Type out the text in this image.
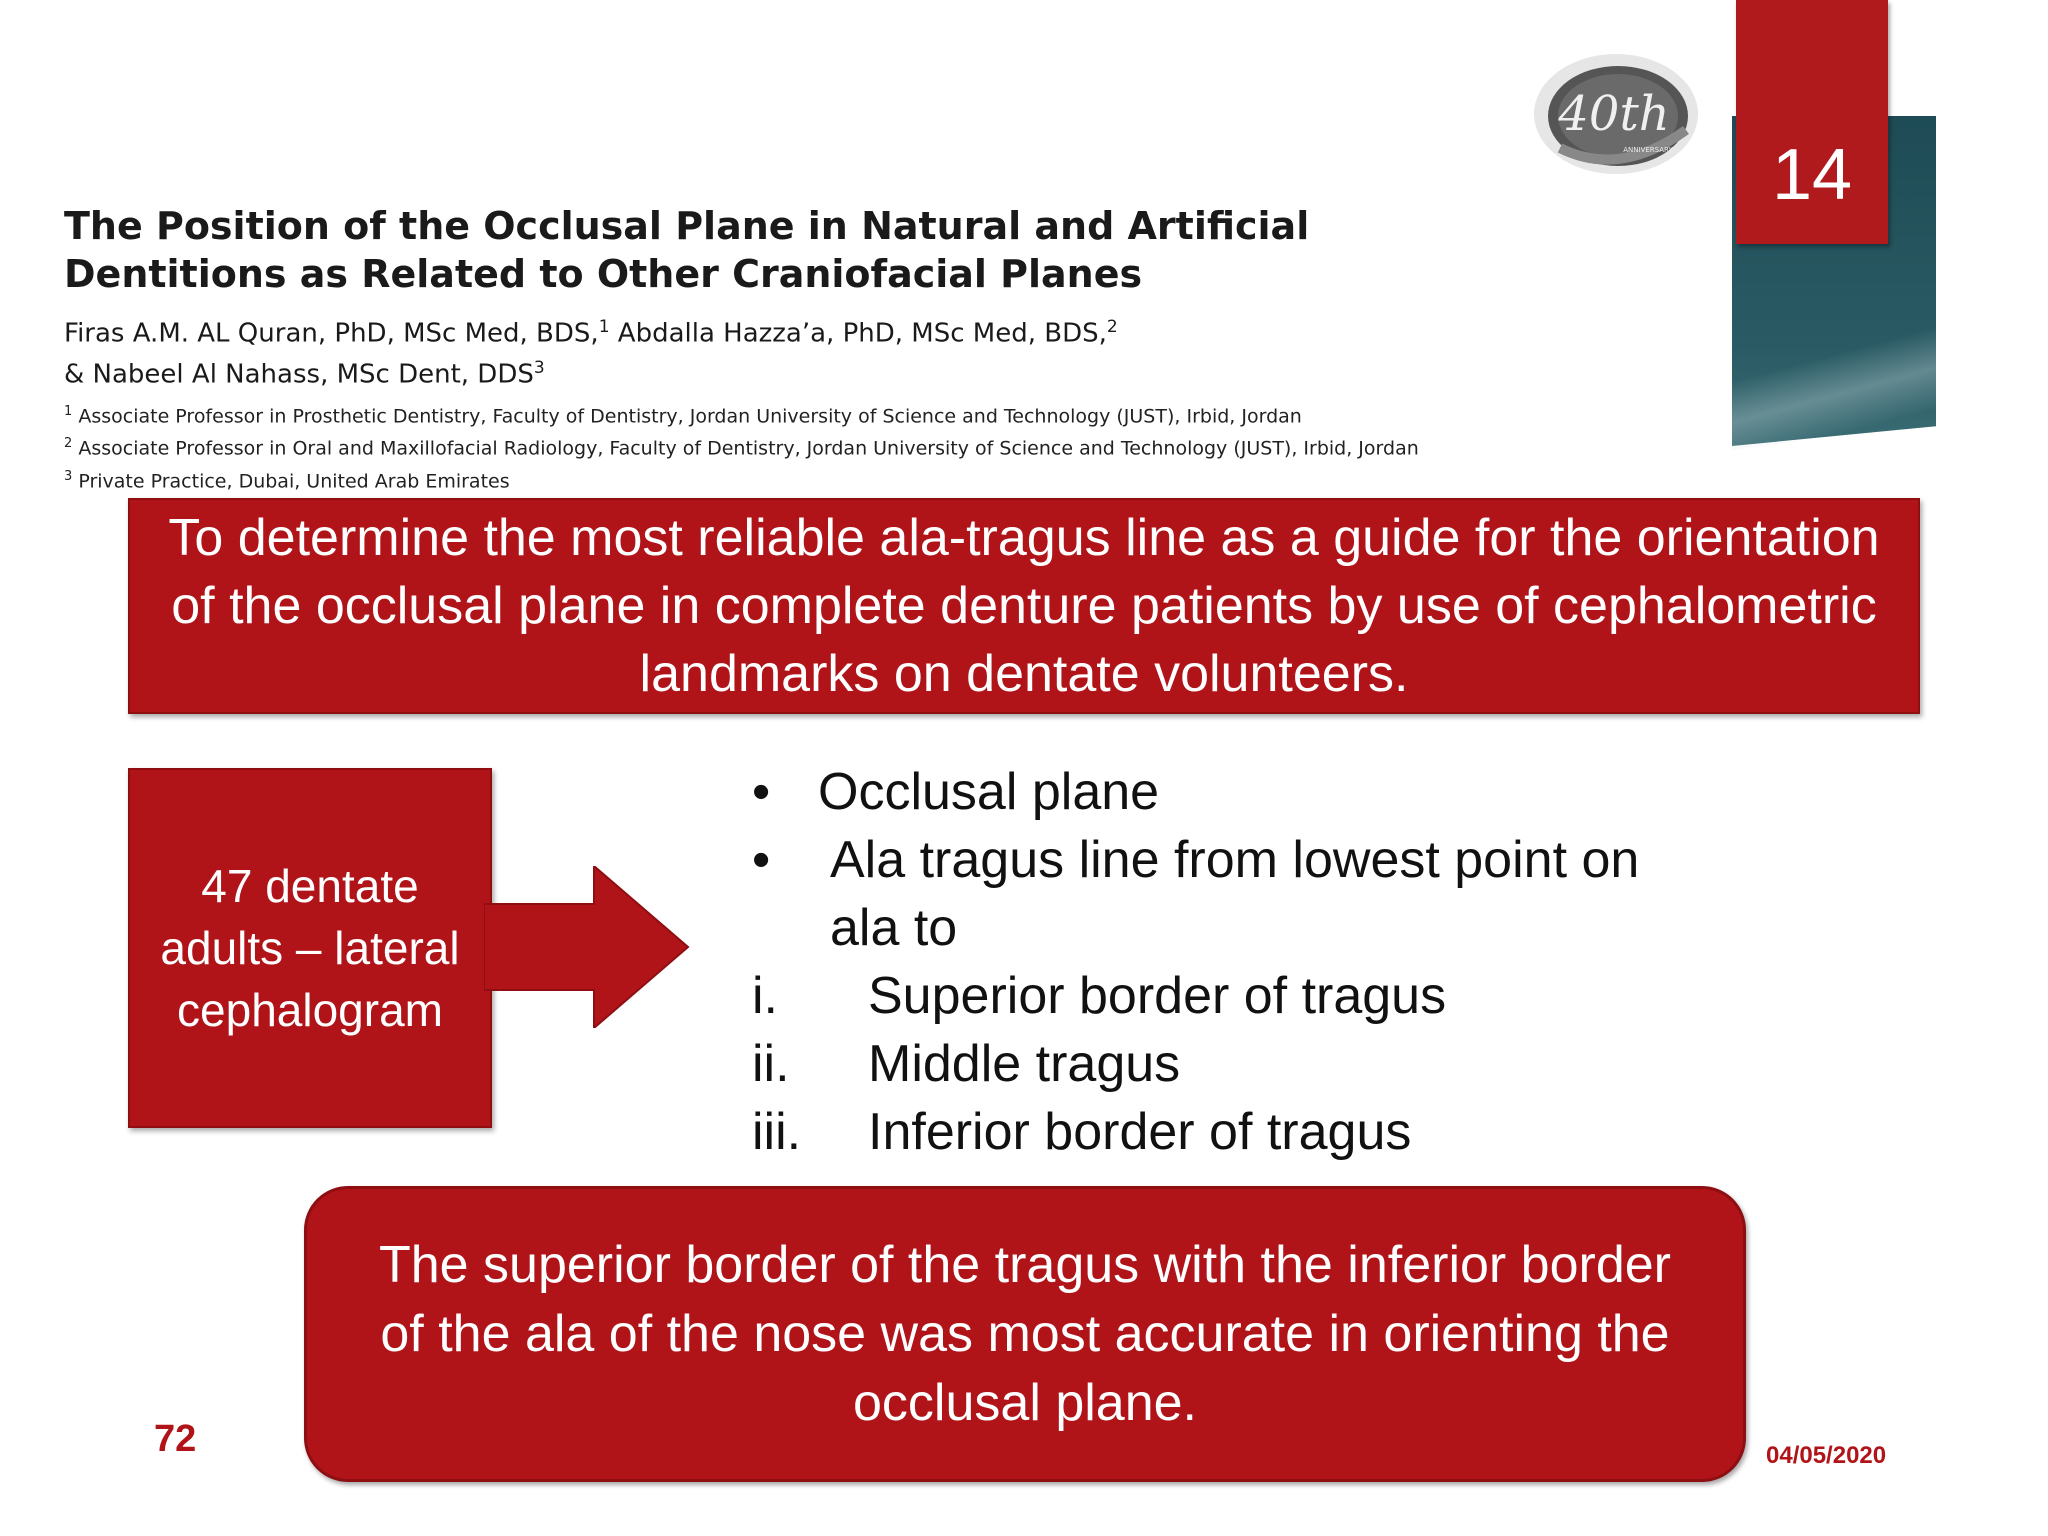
14
40th
ANNIVERSARY
The Position of the Occlusal Plane in Natural and Artificial
Dentitions as Related to Other Craniofacial Planes
Firas A.M. AL Quran, PhD, MSc Med, BDS,$^1$ Abdalla Hazza’a, PhD, MSc Med, BDS,$^2$
& Nabeel Al Nahass, MSc Dent, DDS$^3$
$^1$ Associate Professor in Prosthetic Dentistry, Faculty of Dentistry, Jordan University of Science and Technology (JUST), Irbid, Jordan
$^2$ Associate Professor in Oral and Maxillofacial Radiology, Faculty of Dentistry, Jordan University of Science and Technology (JUST), Irbid, Jordan
$^3$ Private Practice, Dubai, United Arab Emirates
To determine the most reliable ala-tragus line as a guide for the orientation of the occlusal plane in complete denture patients by use of cephalometric landmarks on dentate volunteers.
47 dentate adults – lateral cephalogram
• Occlusal plane
• Ala tragus line from lowest point on
ala to
i. Superior border of tragus
ii. Middle tragus
iii. Inferior border of tragus
The superior border of the tragus with the inferior border of the ala of the nose was most accurate in orienting the occlusal plane.
72	04/05/2020
